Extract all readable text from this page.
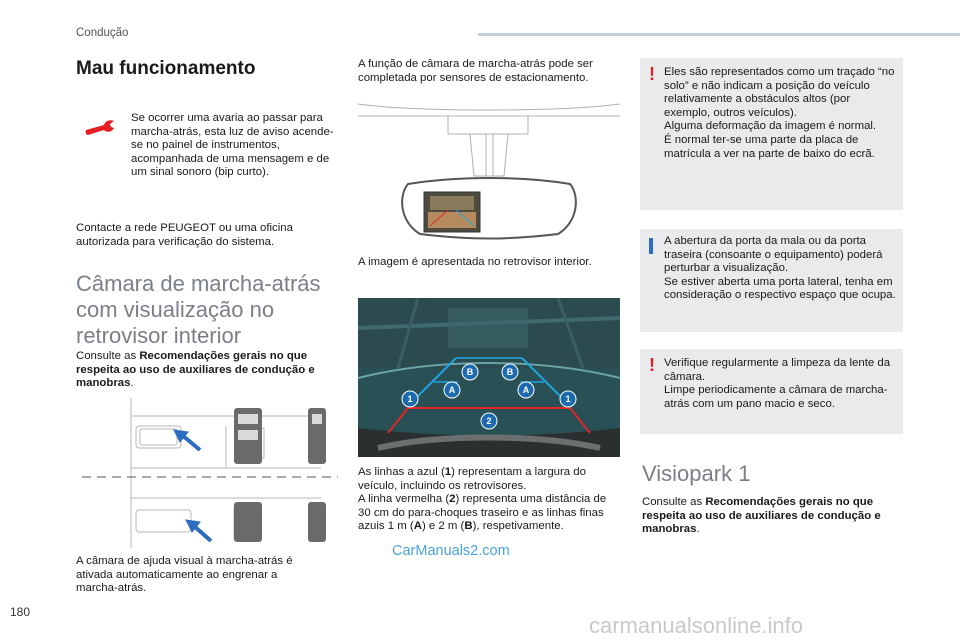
Condução
Mau funcionamento

Se ocorrer uma avaria ao passar para marcha-atrás, esta luz de aviso acende-se no painel de instrumentos, acompanhada de uma mensagem e de um sinal sonoro (bip curto).

Contacte a rede PEUGEOT ou uma oficina autorizada para verificação do sistema.

Câmara de marcha-atrás
com visualização no
retrovisor interior

Consulte as Recomendações gerais no que respeita ao uso de auxiliares de condução e manobras.

A câmara de ajuda visual à marcha-atrás é ativada automaticamente ao engrenar a marcha-atrás.

A função de câmara de marcha-atrás pode ser completada por sensores de estacionamento.

A imagem é apresentada no retrovisor interior.

B	B
A	A
1	1
2

As linhas a azul (1) representam a largura do veículo, incluindo os retrovisores.

A linha vermelha (2) representa uma distância de 30 cm do para-choques traseiro e as linhas finas azuis 1 m (A) e 2 m (B), respetivamente.

! Eles são representados como um traçado “no solo” e não indicam a posição do veículo relativamente a obstáculos altos (por exemplo, outros veículos).
Alguma deformação da imagem é normal.
É normal ter-se uma parte da placa de matrícula a ver na parte de baixo do ecrã.

A abertura da porta da mala ou da porta traseira (consoante o equipamento) poderá perturbar a visualização.
Se estiver aberta uma porta lateral, tenha em consideração o respectivo espaço que ocupa.

! Verifique regularmente a limpeza da lente da câmara.
Limpe periodicamente a câmara de marcha-atrás com um pano macio e seco.

Visiopark 1

Consulte as Recomendações gerais no que respeita ao uso de auxiliares de condução e manobras.

180
CarManuals2.com
carmanualsonline.info
